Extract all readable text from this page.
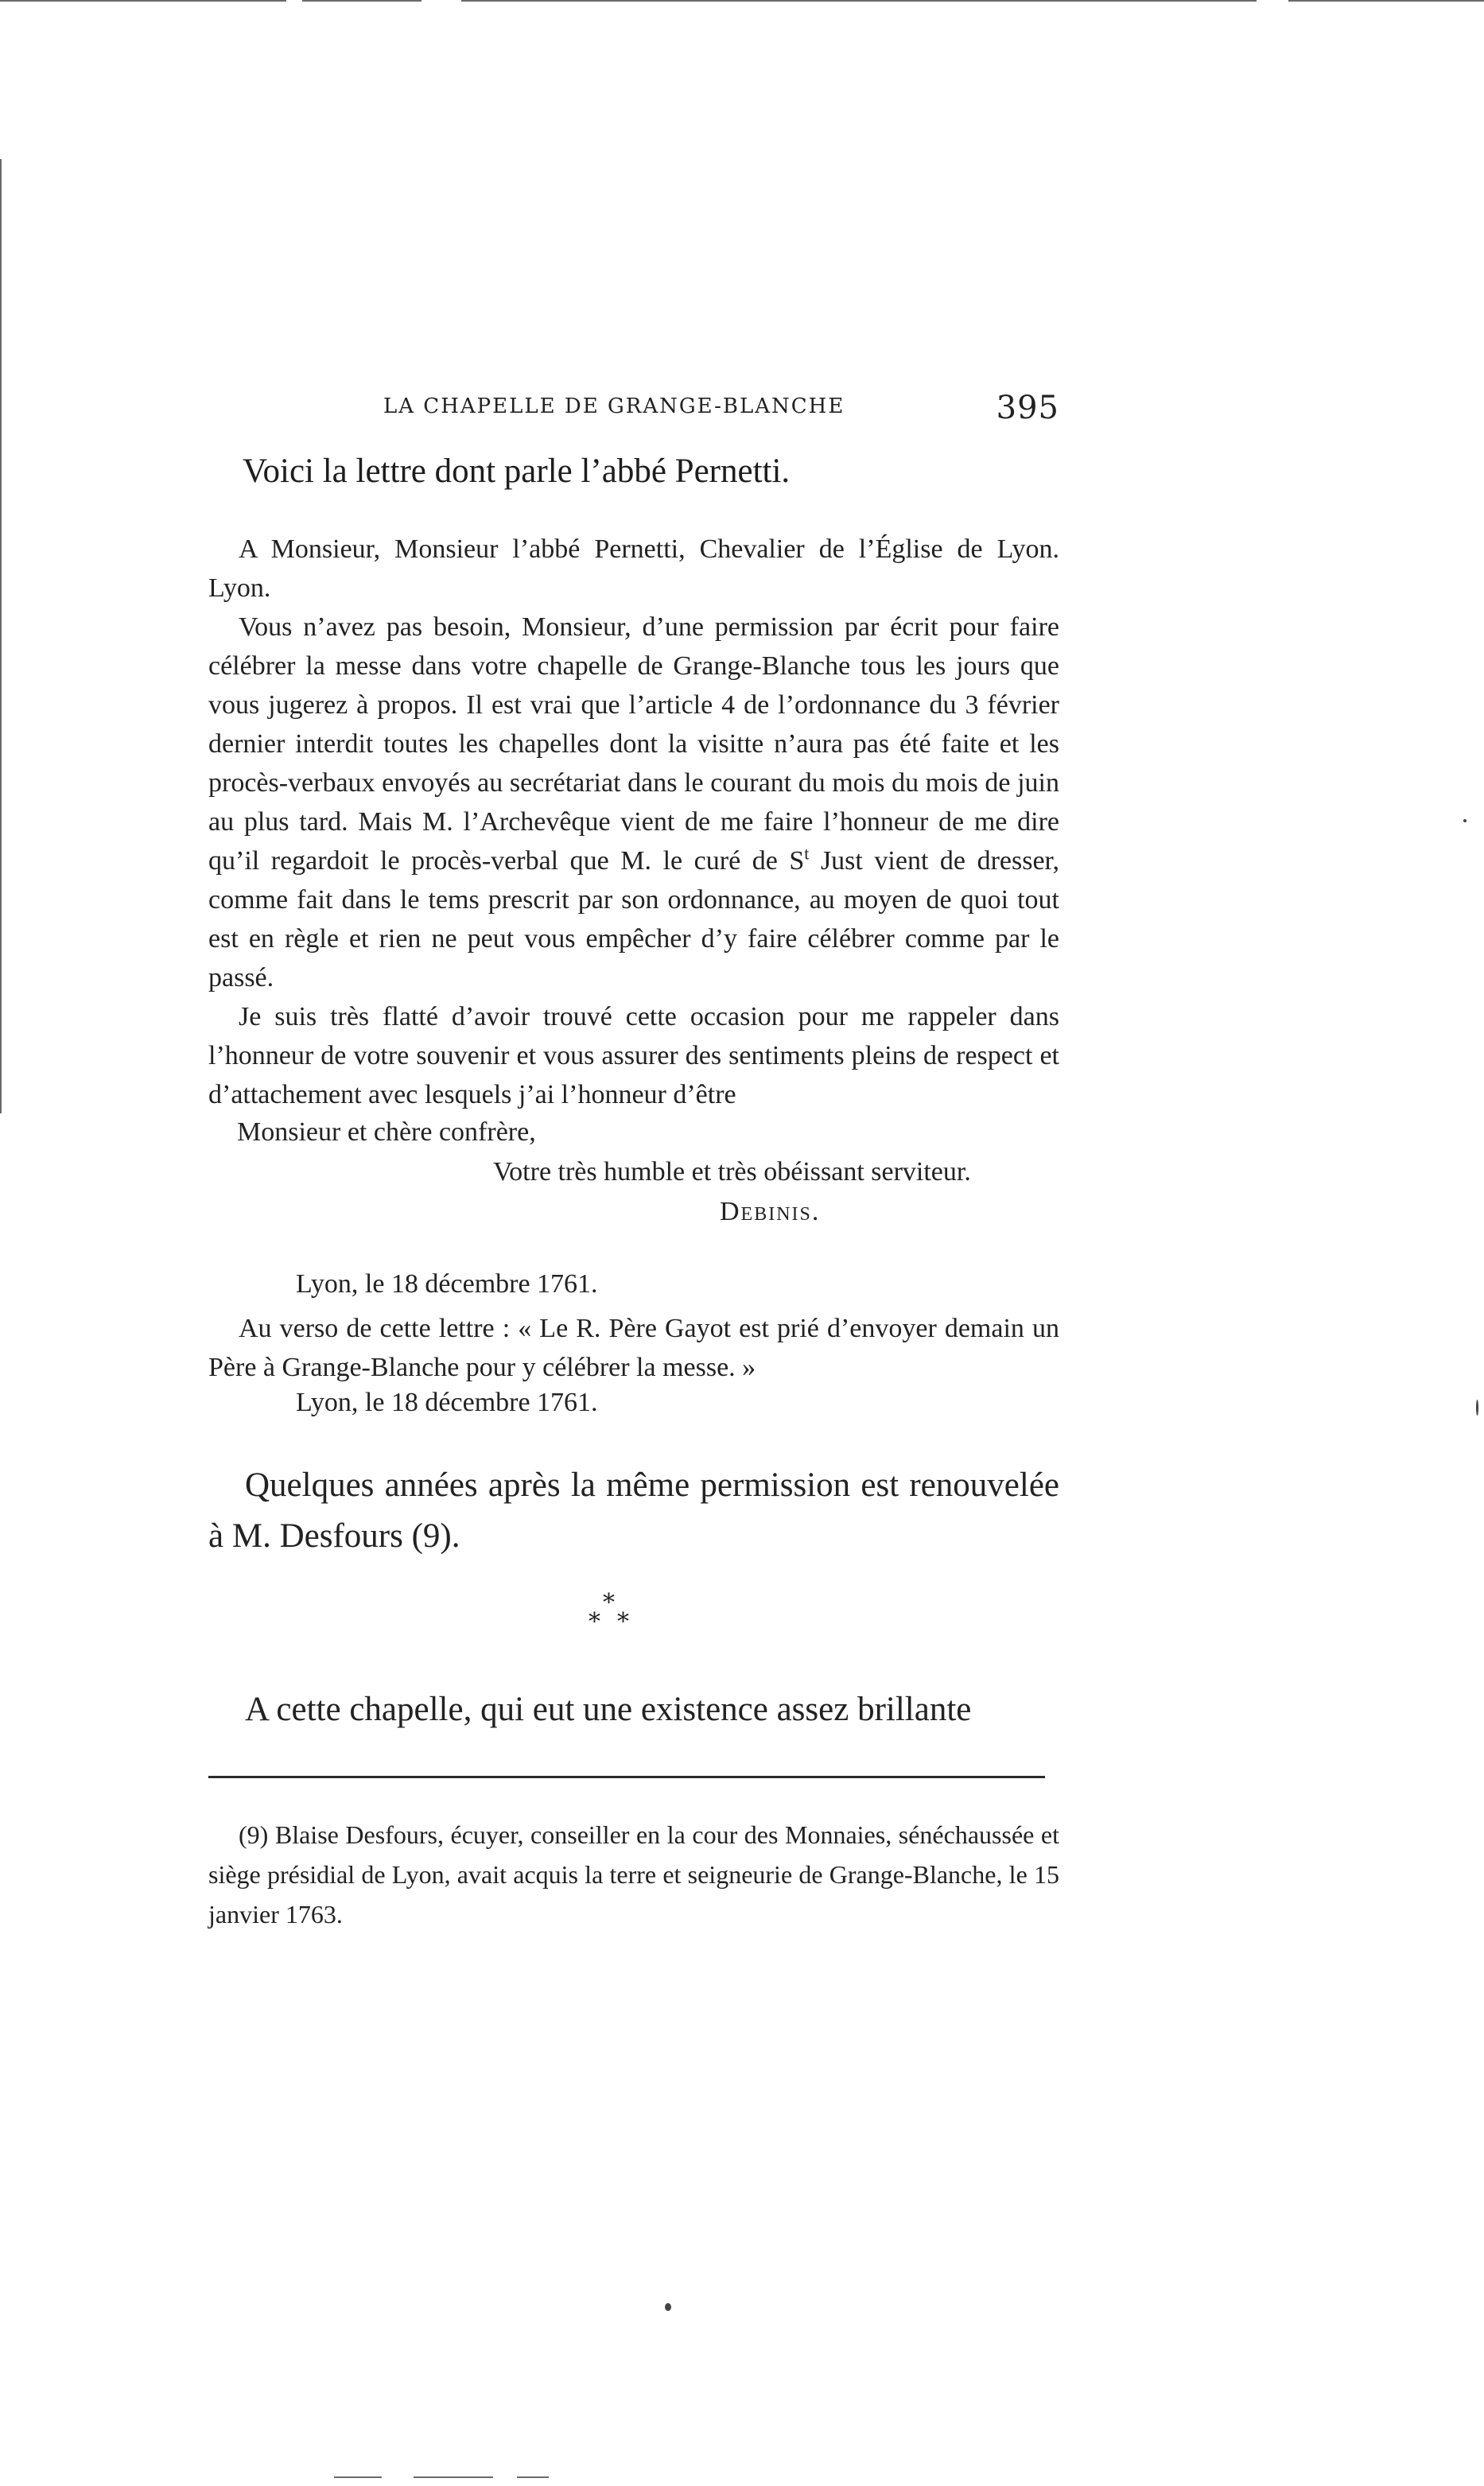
LA CHAPELLE DE GRANGE-BLANCHE	395
Voici la lettre dont parle l’abbé Pernetti.
A Monsieur, Monsieur l’abbé Pernetti, Chevalier de l’Église de Lyon. Lyon.
Vous n’avez pas besoin, Monsieur, d’une permission par écrit pour faire célébrer la messe dans votre chapelle de Grange-Blanche tous les jours que vous jugerez à propos. Il est vrai que l’article 4 de l’ordonnance du 3 février dernier interdit toutes les chapelles dont la visitte n’aura pas été faite et les procès-verbaux envoyés au secrétariat dans le courant du mois du mois de juin au plus tard. Mais M. l’Archevêque vient de me faire l’honneur de me dire qu’il regardoit le procès-verbal que M. le curé de $S^t$ Just vient de dresser, comme fait dans le tems prescrit par son ordonnance, au moyen de quoi tout est en règle et rien ne peut vous empêcher d’y faire célébrer comme par le passé.
Je suis très flatté d’avoir trouvé cette occasion pour me rappeler dans l’honneur de votre souvenir et vous assurer des sentiments pleins de respect et d’attachement avec lesquels j’ai l’honneur d’être
Monsieur et chère confrère,
Votre très humble et très obéissant serviteur.
Debinis.
Lyon, le 18 décembre 1761.
Au verso de cette lettre : « Le R. Père Gayot est prié d’envoyer demain un Père à Grange-Blanche pour y célébrer la messe. »
Lyon, le 18 décembre 1761.
Quelques années après la même permission est renouvelée à M. Desfours (9).
*
* *
A cette chapelle, qui eut une existence assez brillante
(9) Blaise Desfours, écuyer, conseiller en la cour des Monnaies, sénéchaussée et siège présidial de Lyon, avait acquis la terre et seigneurie de Grange-Blanche, le 15 janvier 1763.
